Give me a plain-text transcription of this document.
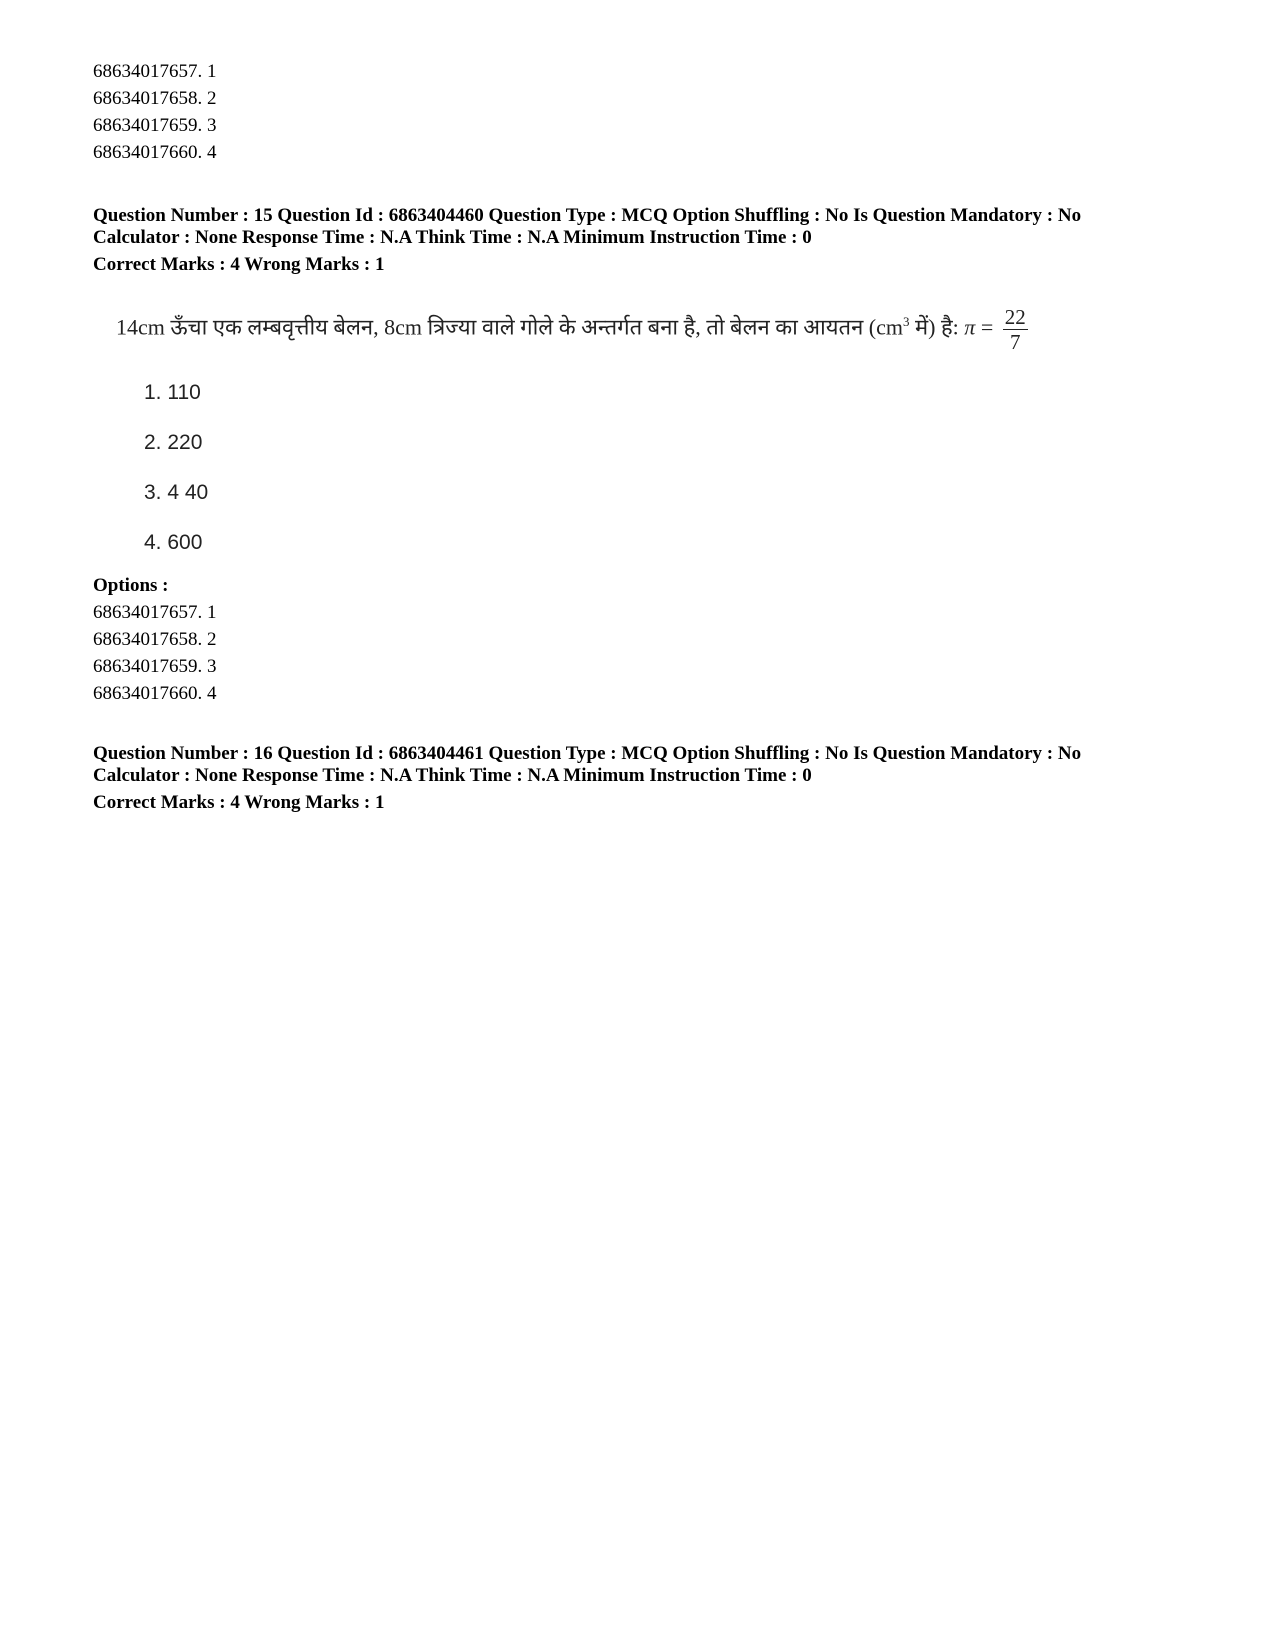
68634017657. 1
68634017658. 2
68634017659. 3
68634017660. 4
Question Number : 15 Question Id : 6863404460 Question Type : MCQ Option Shuffling : No Is Question Mandatory : No
Calculator : None Response Time : N.A Think Time : N.A Minimum Instruction Time : 0
Correct Marks : 4 Wrong Marks : 1
14cm ऊँचा एक लम्बवृत्तीय बेलन, 8cm त्रिज्या वाले गोले के अन्तर्गत बना है, तो बेलन का आयतन ($cm^3$ में) है: $\pi = \frac{22}{7}$
1. 110
2. 220
3. 4 40
4. 600
Options :
68634017657. 1
68634017658. 2
68634017659. 3
68634017660. 4
Question Number : 16 Question Id : 6863404461 Question Type : MCQ Option Shuffling : No Is Question Mandatory : No
Calculator : None Response Time : N.A Think Time : N.A Minimum Instruction Time : 0
Correct Marks : 4 Wrong Marks : 1
